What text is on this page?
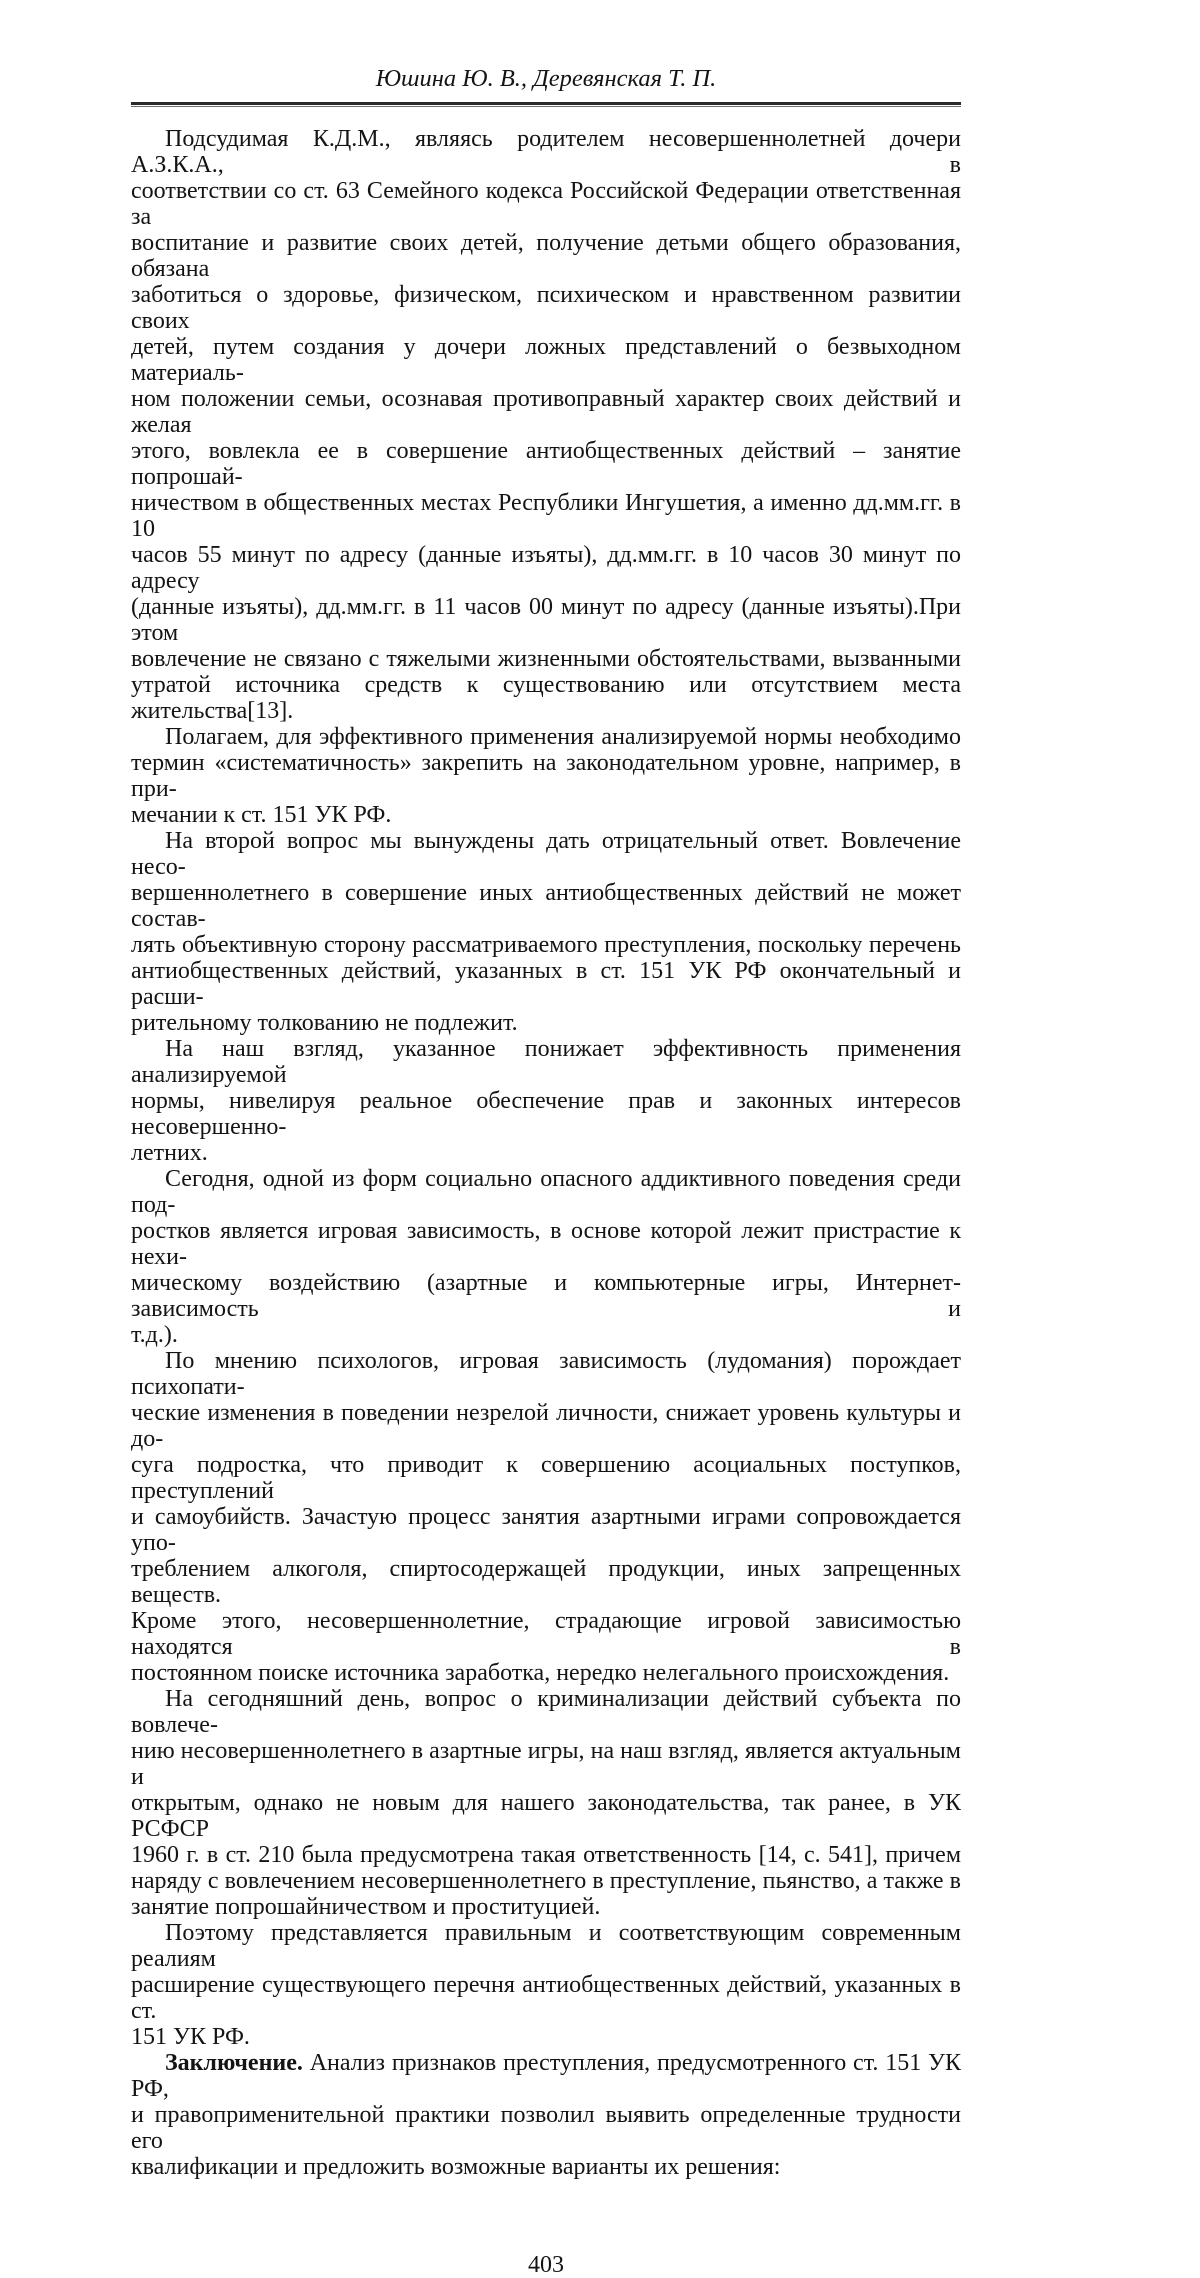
Юшина Ю. В., Деревянская Т. П.
Подсудимая К.Д.М., являясь родителем несовершеннолетней дочери А.З.К.А., в
соответствии со ст. 63 Семейного кодекса Российской Федерации ответственная за
воспитание и развитие своих детей, получение детьми общего образования, обязана
заботиться о здоровье, физическом, психическом и нравственном развитии своих
детей, путем создания у дочери ложных представлений о безвыходном материаль-
ном положении семьи, осознавая противоправный характер своих действий и желая
этого, вовлекла ее в совершение антиобщественных действий – занятие попрошай-
ничеством в общественных местах Республики Ингушетия, а именно дд.мм.гг. в 10
часов 55 минут по адресу (данные изъяты), дд.мм.гг. в 10 часов 30 минут по адресу
(данные изъяты), дд.мм.гг. в 11 часов 00 минут по адресу (данные изъяты).При этом
вовлечение не связано с тяжелыми жизненными обстоятельствами, вызванными
утратой источника средств к существованию или отсутствием места жительства[13].
Полагаем, для эффективного применения анализируемой нормы необходимо
термин «систематичность» закрепить на законодательном уровне, например, в при-
мечании к ст. 151 УК РФ.
На второй вопрос мы вынуждены дать отрицательный ответ. Вовлечение несо-
вершеннолетнего в совершение иных антиобщественных действий не может состав-
лять объективную сторону рассматриваемого преступления, поскольку перечень
антиобщественных действий, указанных в ст. 151 УК РФ окончательный и расши-
рительному толкованию не подлежит.
На наш взгляд, указанное понижает эффективность применения анализируемой
нормы, нивелируя реальное обеспечение прав и законных интересов несовершенно-
летних.
Сегодня, одной из форм социально опасного аддиктивного поведения среди под-
ростков является игровая зависимость, в основе которой лежит пристрастие к нехи-
мическому воздействию (азартные и компьютерные игры, Интернет-зависимость и
т.д.).
По мнению психологов, игровая зависимость (лудомания) порождает психопати-
ческие изменения в поведении незрелой личности, снижает уровень культуры и до-
суга подростка, что приводит к совершению асоциальных поступков, преступлений
и самоубийств. Зачастую процесс занятия азартными играми сопровождается упо-
треблением алкоголя, спиртосодержащей продукции, иных запрещенных веществ.
Кроме этого, несовершеннолетние, страдающие игровой зависимостью находятся в
постоянном поиске источника заработка, нередко нелегального происхождения.
На сегодняшний день, вопрос о криминализации действий субъекта по вовлече-
нию несовершеннолетнего в азартные игры, на наш взгляд, является актуальным и
открытым, однако не новым для нашего законодательства, так ранее, в УК РСФСР
1960 г. в ст. 210 была предусмотрена такая ответственность [14, с. 541], причем
наряду с вовлечением несовершеннолетнего в преступление, пьянство, а также в
занятие попрошайничеством и проституцией.
Поэтому представляется правильным и соответствующим современным реалиям
расширение существующего перечня антиобщественных действий, указанных в ст.
151 УК РФ.
Заключение. Анализ признаков преступления, предусмотренного ст. 151 УК РФ,
и правоприменительной практики позволил выявить определенные трудности его
квалификации и предложить возможные варианты их решения:
403
